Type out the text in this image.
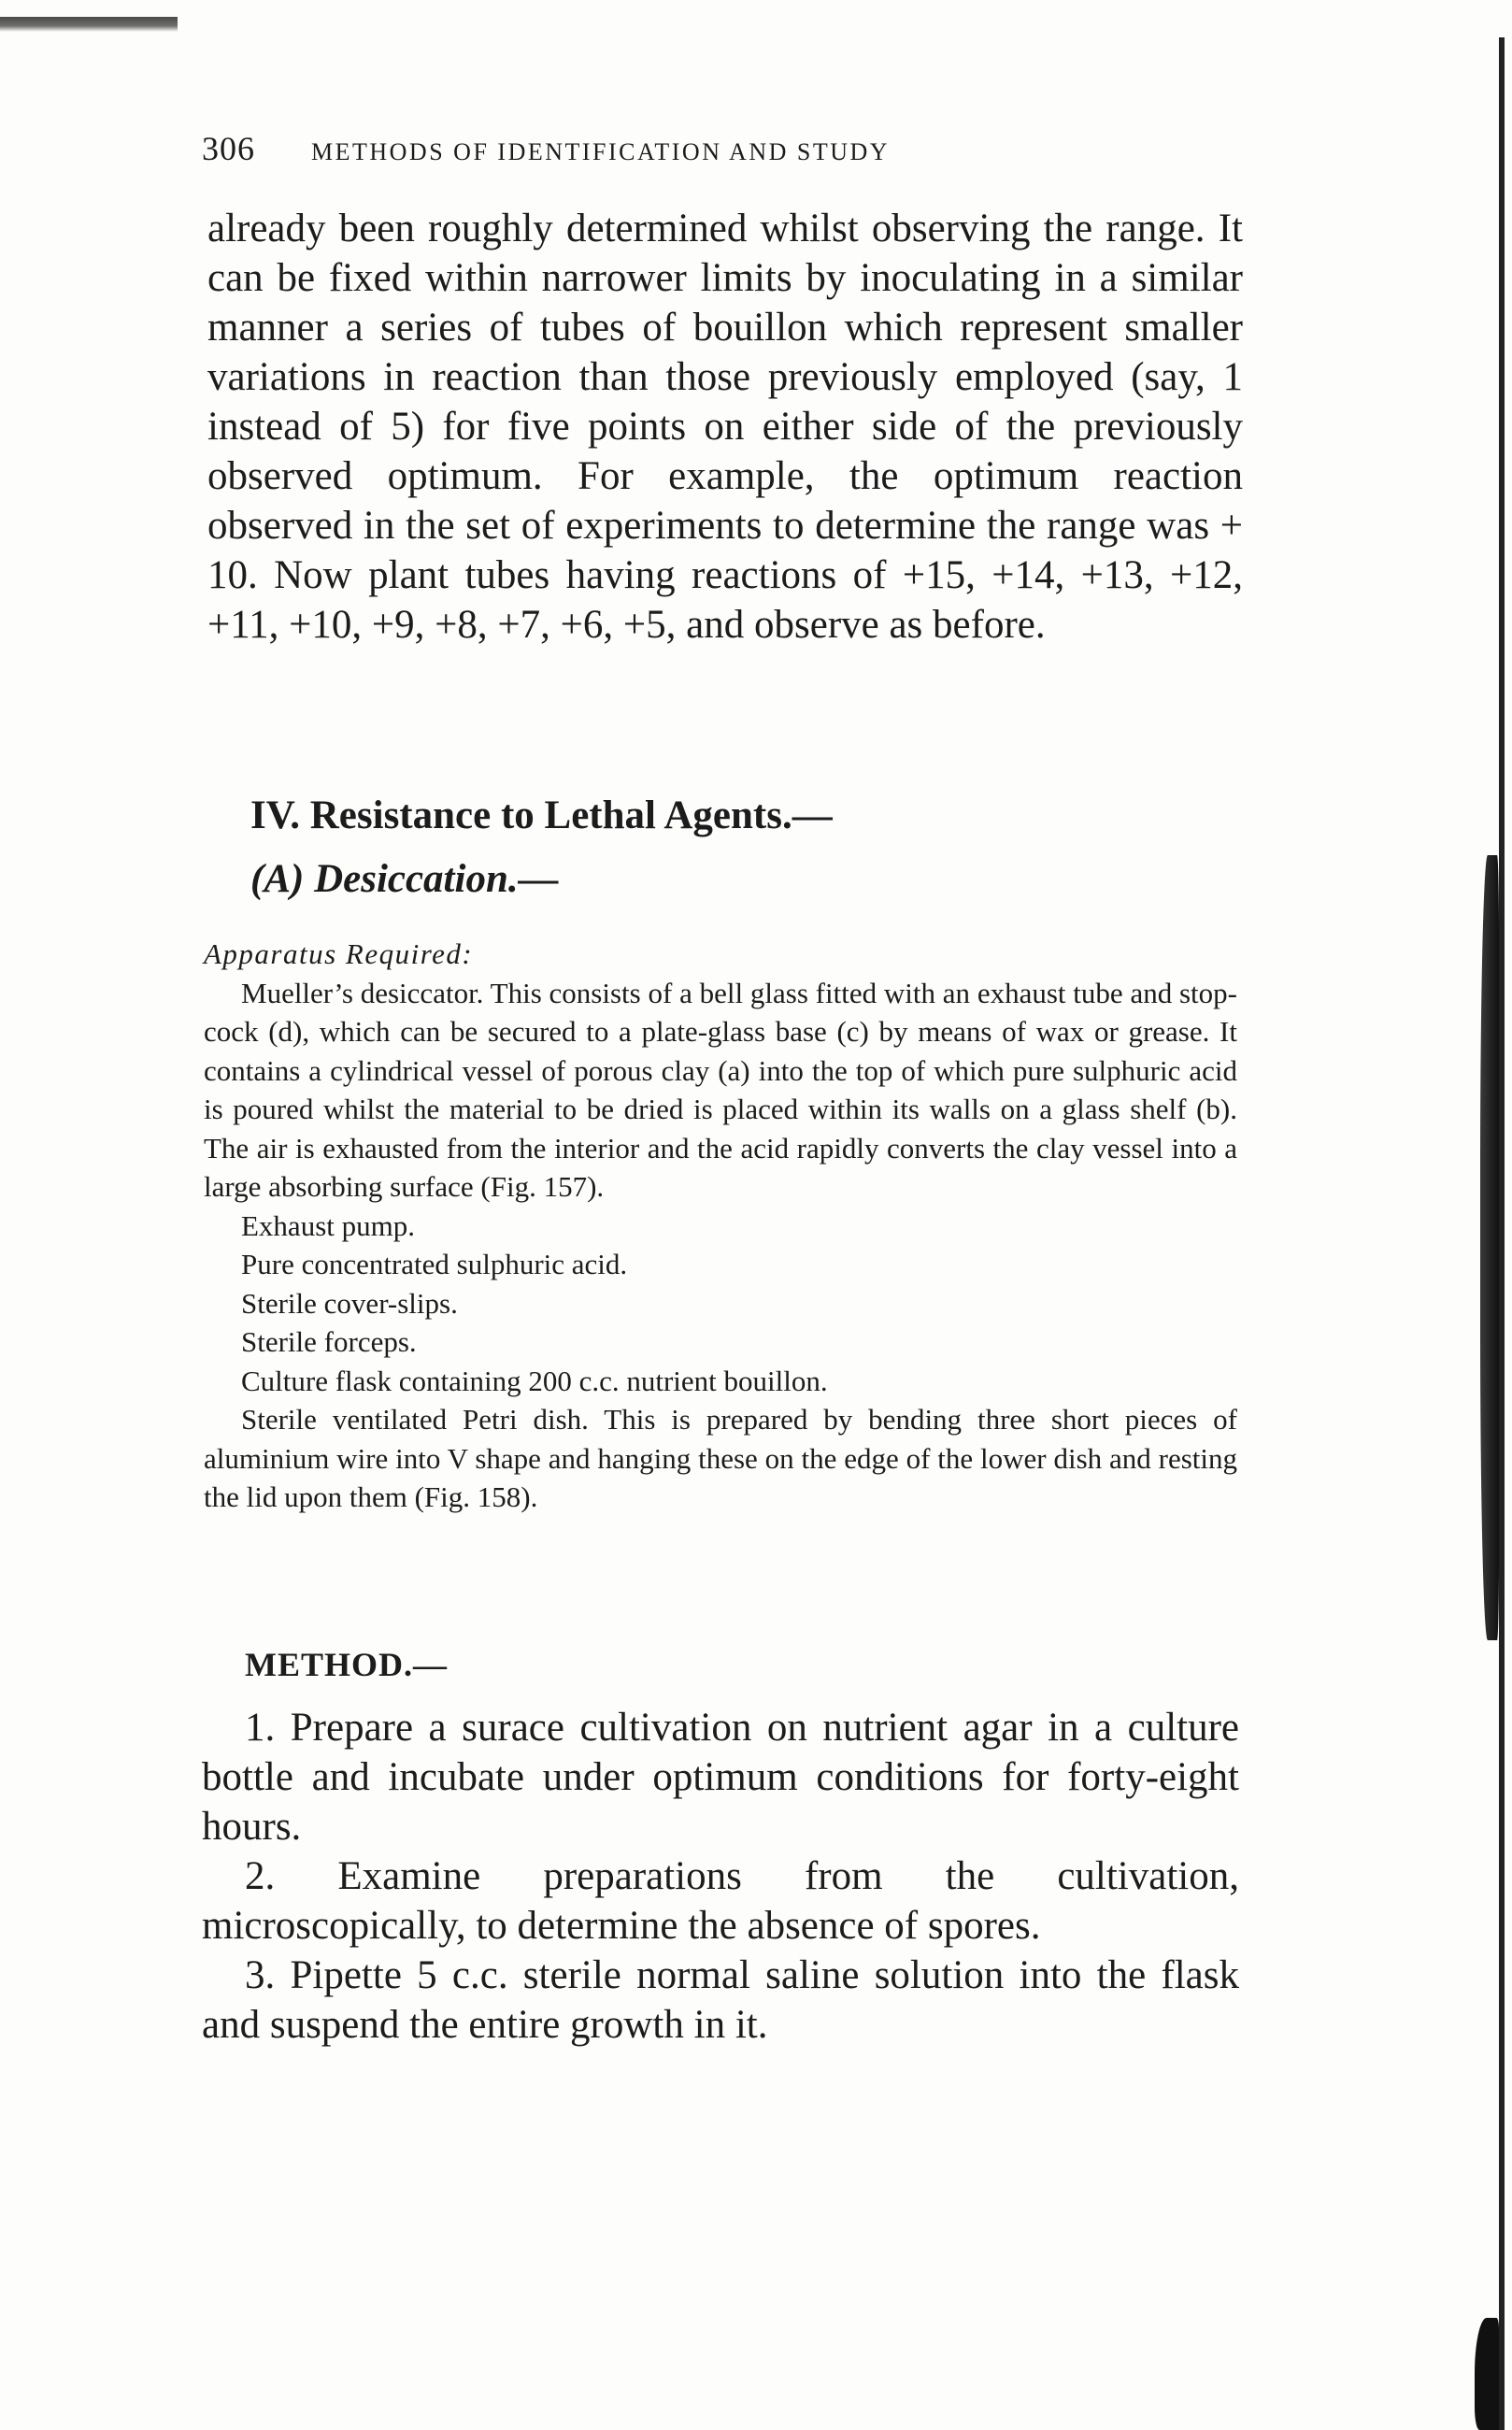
306 METHODS OF IDENTIFICATION AND STUDY

already been roughly determined whilst observing the range. It can be fixed within narrower limits by inoculating in a similar manner a series of tubes of bouillon which represent smaller variations in reaction than those previously employed (say, 1 instead of 5) for five points on either side of the previously observed optimum. For example, the optimum reaction observed in the set of experiments to determine the range was + 10. Now plant tubes having reactions of +15, +14, +13, +12, +11, +10, +9, +8, +7, +6, +5, and observe as before.

IV. Resistance to Lethal Agents.—
(A) Desiccation.—
Apparatus Required:

Mueller’s desiccator. This consists of a bell glass fitted with an exhaust tube and stop-cock (d), which can be secured to a plate-glass base (c) by means of wax or grease. It contains a cylindrical vessel of porous clay (a) into the top of which pure sulphuric acid is poured whilst the material to be dried is placed within its walls on a glass shelf (b). The air is exhausted from the interior and the acid rapidly converts the clay vessel into a large absorbing surface (Fig. 157).

Exhaust pump.

Pure concentrated sulphuric acid.

Sterile cover-slips.

Sterile forceps.

Culture flask containing 200 c.c. nutrient bouillon.

Sterile ventilated Petri dish. This is prepared by bending three short pieces of aluminium wire into V shape and hanging these on the edge of the lower dish and resting the lid upon them (Fig. 158).

METHOD.—

1. Prepare a surace cultivation on nutrient agar in a culture bottle and incubate under optimum conditions for forty-eight hours.

2. Examine preparations from the cultivation, microscopically, to determine the absence of spores.

3. Pipette 5 c.c. sterile normal saline solution into the flask and suspend the entire growth in it.
